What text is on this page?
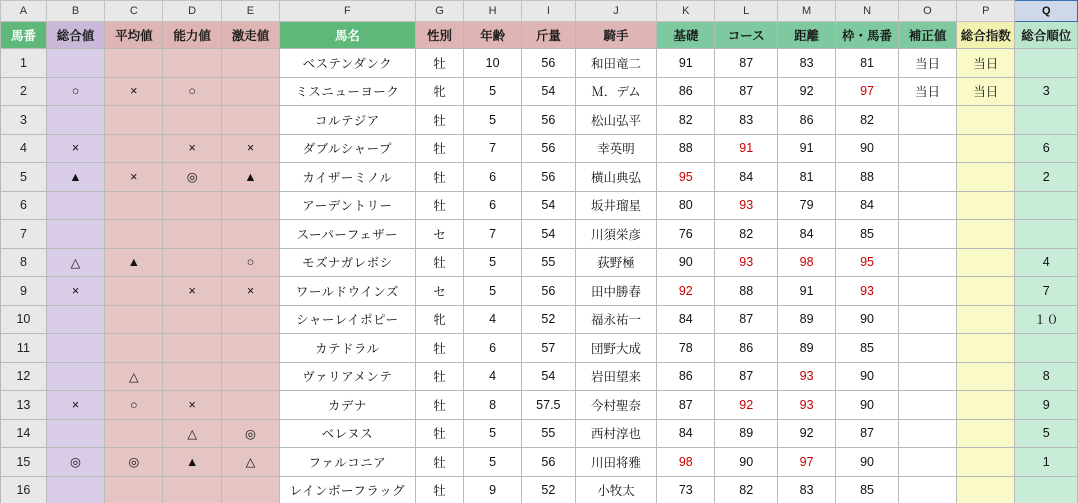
A	B	C	D	E	F	G	H	I	J	K	L	M	N	O	P	Q
馬番	総合値	平均値	能力値	激走値	馬名	性別	年齢	斤量	騎手	基礎	コース	距離	枠・馬番	補正値	総合指数	総合順位
1					ベステンダンク	牡	10	56	和田竜二	91	87	83	81	当日	当日	
2	○	×	○		ミスニューヨーク	牝	5	54	Ｍ．デム	86	87	92	97	当日	当日	3
3					コルテジア	牡	5	56	松山弘平	82	83	86	82			
4	×		×	×	ダブルシャープ	牡	7	56	幸英明	88	91	91	90			6
5	▲	×	◎	▲	カイザーミノル	牡	6	56	横山典弘	95	84	81	88			2
6					アーデントリー	牡	6	54	坂井瑠星	80	93	79	84			
7					スーパーフェザー	セ	7	54	川須栄彦	76	82	84	85			
8	△	▲		○	モズナガレボシ	牡	5	55	荻野極	90	93	98	95			4
9	×		×	×	ワールドウインズ	セ	5	56	田中勝春	92	88	91	93			7
10					シャーレイポピー	牝	4	52	福永祐一	84	87	89	90			１０
11					カテドラル	牡	6	57	団野大成	78	86	89	85			
12		△			ヴァリアメンテ	牡	4	54	岩田望来	86	87	93	90			8
13	×	○	×		カデナ	牡	8	57.5	今村聖奈	87	92	93	90			9
14			△	◎	ベレヌス	牡	5	55	西村淳也	84	89	92	87			5
15	◎	◎	▲	△	ファルコニア	牡	5	56	川田将雅	98	90	97	90			1
16					レインボーフラッグ	牡	9	52	小牧太	73	82	83	85			
